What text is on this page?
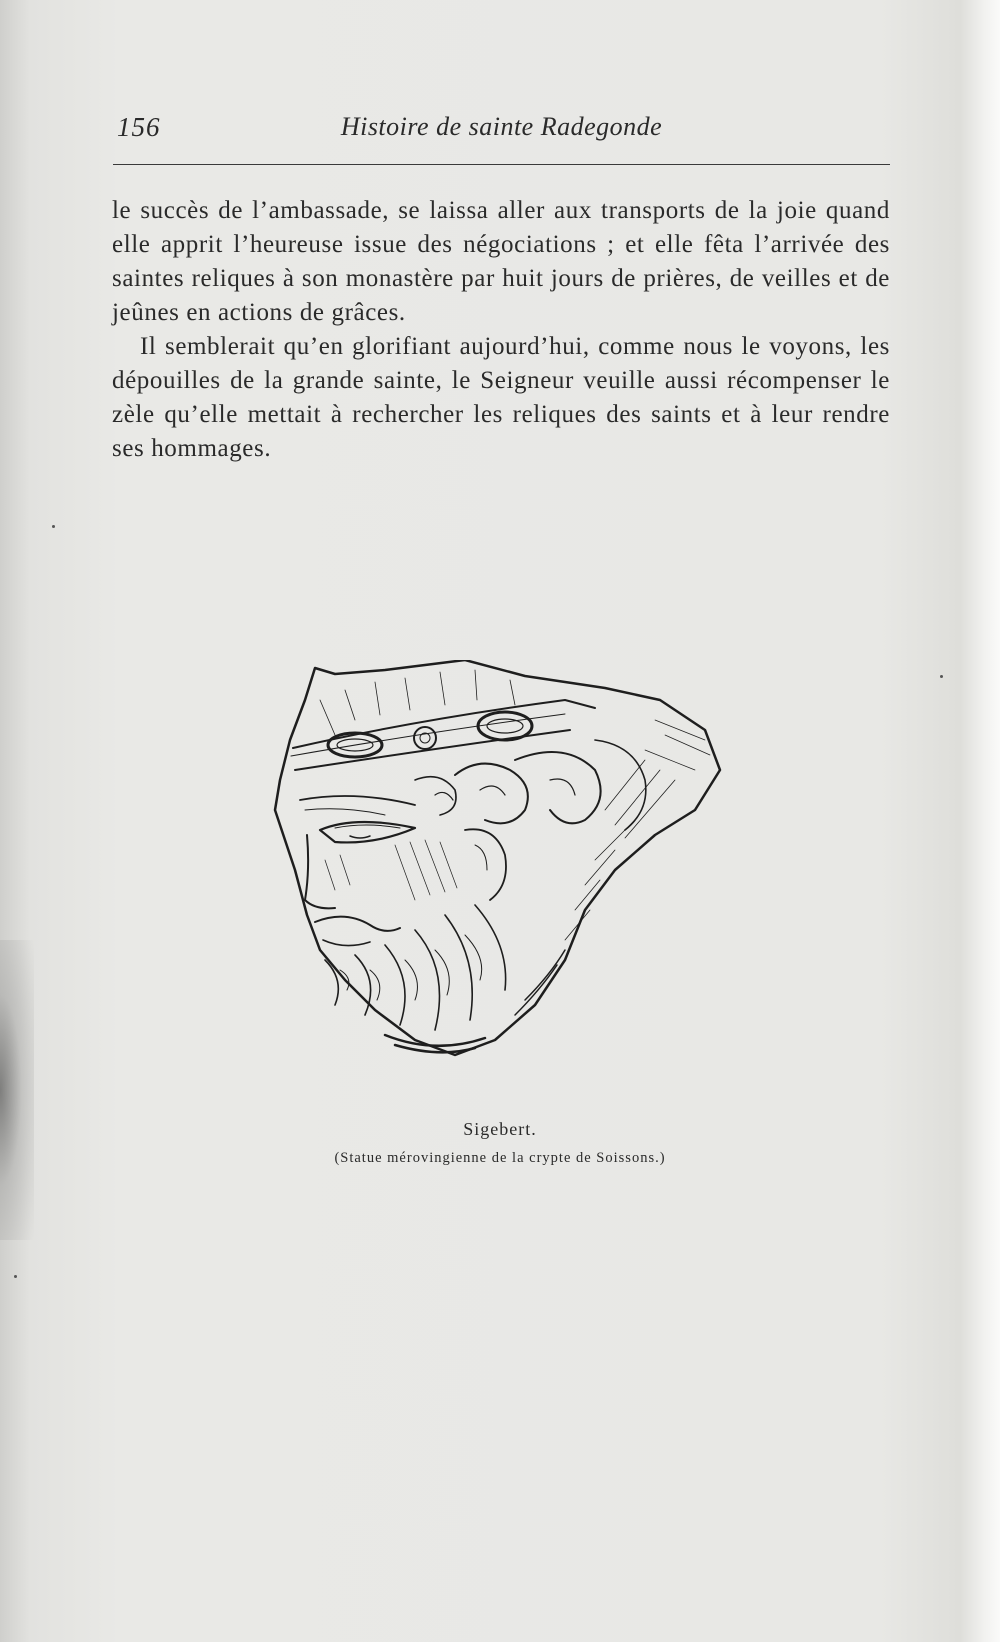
156	Histoire de sainte Radegonde

le succès de l’ambassade, se laissa aller aux transports de la joie quand elle apprit l’heureuse issue des négociations ; et elle fêta l’arrivée des saintes reliques à son monastère par huit jours de prières, de veilles et de jeûnes en actions de grâces.

Il semblerait qu’en glorifiant aujourd’hui, comme nous le voyons, les dépouilles de la grande sainte, le Seigneur veuille aussi récompenser le zèle qu’elle mettait à rechercher les reliques des saints et à leur rendre ses hommages.

Sigebert.
(Statue mérovingienne de la crypte de Soissons.)
